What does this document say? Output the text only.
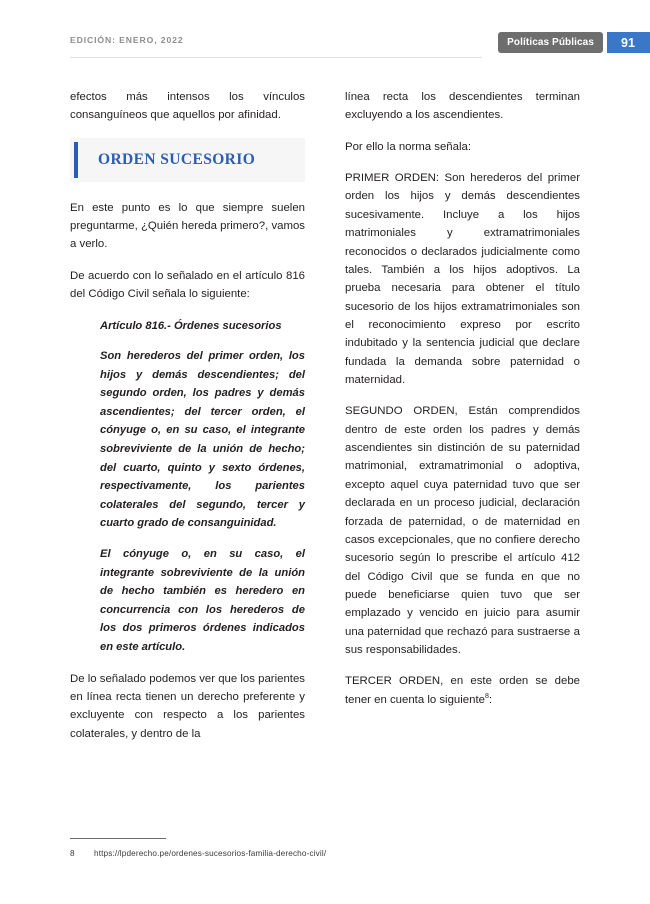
EDICIÓN: ENERO, 2022	Políticas Públicas	91

efectos más intensos los vínculos consanguíneos que aquellos por afinidad.

ORDEN SUCESORIO

En este punto es lo que siempre suelen preguntarme, ¿Quién hereda primero?, vamos a verlo.

De acuerdo con lo señalado en el artículo 816 del Código Civil señala lo siguiente:

Artículo 816.- Órdenes sucesorios

Son herederos del primer orden, los hijos y demás descendientes; del segundo orden, los padres y demás ascendientes; del tercer orden, el cónyuge o, en su caso, el integrante sobreviviente de la unión de hecho; del cuarto, quinto y sexto órdenes, respectivamente, los parientes colaterales del segundo, tercer y cuarto grado de consanguinidad.

El cónyuge o, en su caso, el integrante sobreviviente de la unión de hecho también es heredero en concurrencia con los herederos de los dos primeros órdenes indicados en este artículo.

De lo señalado podemos ver que los parientes en línea recta tienen un derecho preferente y excluyente con respecto a los parientes colaterales, y dentro de la

línea recta los descendientes terminan excluyendo a los ascendientes.

Por ello la norma señala:

PRIMER ORDEN: Son herederos del primer orden los hijos y demás descendientes sucesivamente. Incluye a los hijos matrimoniales y extramatrimoniales reconocidos o declarados judicialmente como tales. También a los hijos adoptivos. La prueba necesaria para obtener el título sucesorio de los hijos extramatrimoniales son el reconocimiento expreso por escrito indubitado y la sentencia judicial que declare fundada la demanda sobre paternidad o maternidad.

SEGUNDO ORDEN, Están comprendidos dentro de este orden los padres y demás ascendientes sin distinción de su paternidad matrimonial, extramatrimonial o adoptiva, excepto aquel cuya paternidad tuvo que ser declarada en un proceso judicial, declaración forzada de paternidad, o de maternidad en casos excepcionales, que no confiere derecho sucesorio según lo prescribe el artículo 412 del Código Civil que se funda en que no puede beneficiarse quien tuvo que ser emplazado y vencido en juicio para asumir una paternidad que rechazó para sustraerse a sus responsabilidades.

TERCER ORDEN, en este orden se debe tener en cuenta lo siguiente$^8$:

8	https://lpderecho.pe/ordenes-sucesorios-familia-derecho-civil/
